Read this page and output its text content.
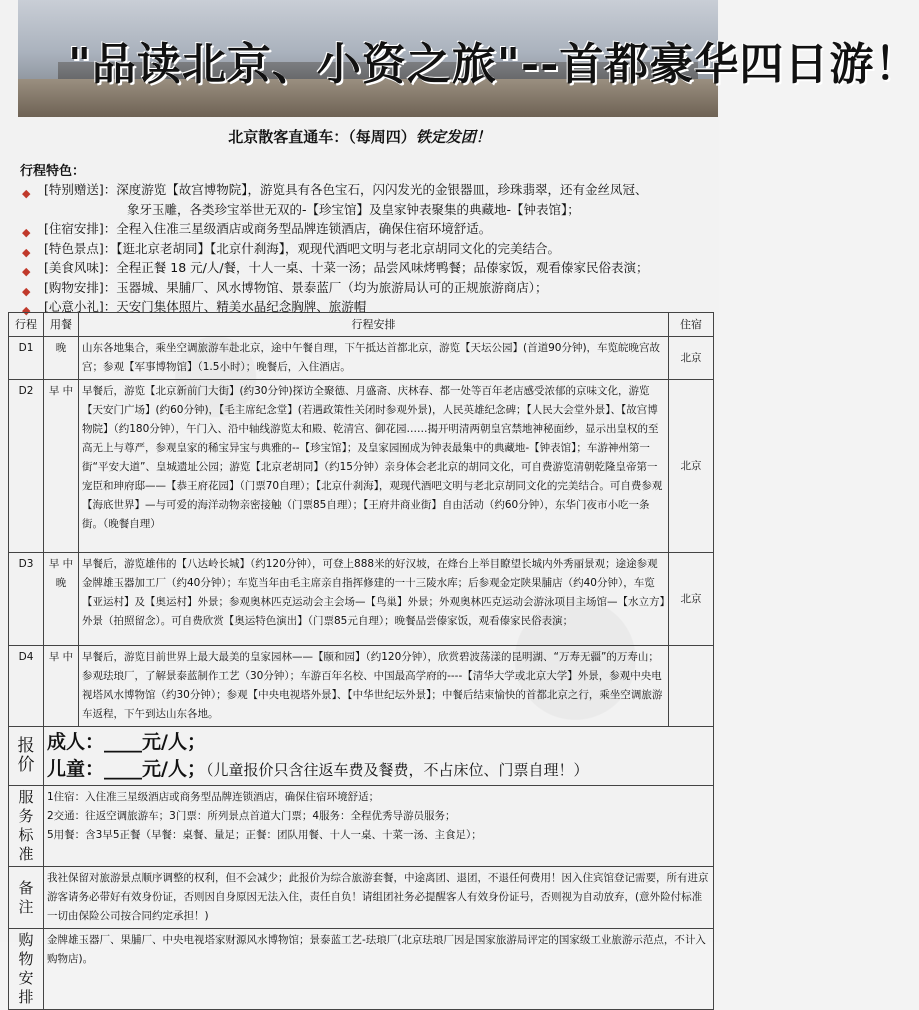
"品读北京、小资之旅"--首都豪华四日游！
北京散客直通车：（每周四）铁定发团！
行程特色：
◆ [特别赠送]：深度游览【故宫博物院】，游览具有各色宝石，闪闪发光的金银器皿，珍珠翡翠，还有金丝凤冠、
象牙玉雕，各类珍宝举世无双的-【珍宝馆】及皇家钟表聚集的典藏地-【钟表馆】；
◆ [住宿安排]：全程入住准三星级酒店或商务型品牌连锁酒店，确保住宿环境舒适。
◆ [特色景点]：【逛北京老胡同】【北京什刹海】，观现代酒吧文明与老北京胡同文化的完美结合。
◆ [美食风味]：全程正餐 18 元/人/餐，十人一桌、十菜一汤；品尝风味烤鸭餐；品傣家饭，观看傣家民俗表演；
◆ [购物安排]：玉器城、果脯厂、风水博物馆、景泰蓝厂（均为旅游局认可的正规旅游商店）；
◆ [心意小礼]：天安门集体照片、精美水晶纪念胸牌、旅游帽
行程	用餐	行程安排	住宿
D1	晚	山东各地集合，乘坐空调旅游车赴北京，途中午餐自理，下午抵达首都北京，游览【天坛公园】(首道90分钟)，车览皖晚宫故宫；参观【军事博物馆】（1.5小时）；晚餐后，入住酒店。	北京
D2	早 中	早餐后，游览【北京新前门大街】(约30分钟)探访全聚德、月盛斋、庆林春、都一处等百年老店感受浓郁的京味文化，游览【天安门广场】(约60分钟)，【毛主席纪念堂】(若遇政策性关闭时参观外景)，人民英雄纪念碑；【人民大会堂外景】、【故宫博物院】（约180分钟），午门入、沿中轴线游览太和殿、乾清宫、御花园……揭开明清两朝皇宫禁地神秘面纱，显示出皇权的至高无上与尊严，参观皇家的稀宝异宝与典雅的--【珍宝馆】；及皇家园囿成为钟表最集中的典藏地-【钟表馆】；车游神州第一街“平安大道”、皇城遗址公园；游览【北京老胡同】（约15分钟）亲身体会老北京的胡同文化，可自费游览清朝乾隆皇帝第一宠臣和珅府邸——【恭王府花园】（门票70自理）；【北京什刹海】，观现代酒吧文明与老北京胡同文化的完美结合。可自费参观【海底世界】—与可爱的海洋动物亲密接触（门票85自理）；【王府井商业街】自由活动（约60分钟），东华门夜市小吃一条街。（晚餐自理）	北京
D3	早 中 晚	早餐后，游览雄伟的【八达岭长城】（约120分钟），可登上888米的好汉坡，在烽台上举目瞭望长城内外秀丽景观；途途参观金牌雄玉器加工厂（约40分钟）；车览当年由毛主席亲自指挥修建的一十三陵水库；后参观金定陕果脯店（约40分钟），车览【亚运村】及【奥运村】外景；参观奥林匹克运动会主会场—【鸟巢】外景；外观奥林匹克运动会游泳项目主场馆—【水立方】外景（拍照留念）。可自费欣赏【奥运特色演出】（门票85元自理）；晚餐品尝傣家饭，观看傣家民俗表演；	北京
D4	早 中	早餐后，游览目前世界上最大最美的皇家园林——【颐和园】（约120分钟），欣赏碧波荡漾的昆明湖、“万寿无疆”的万寿山；参观珐琅厂，了解景泰蓝制作工艺（30分钟）；车游百年名校、中国最高学府的----【清华大学或北京大学】外景，参观中央电视塔风水博物馆（约30分钟）；参观【中央电视塔外景】、【中华世纪坛外景】；中餐后结束愉快的首都北京之行，乘坐空调旅游车返程，下午到达山东各地。	
报价	成人：____元/人；
儿童：____元/人；（儿童报价只含往返车费及餐费，不占床位、门票自理！）		

服务标准	1住宿：入住准三星级酒店或商务型品牌连锁酒店，确保住宿环境舒适；
2交通：往返空调旅游车；3门票：所列景点首道大门票；4服务：全程优秀导游员服务；
5用餐：含3早5正餐（早餐：桌餐、量足；正餐：团队用餐、十人一桌、十菜一汤、主食足）；		

备注	我社保留对旅游景点顺序调整的权利，但不会减少；此报价为综合旅游套餐，中途离团、退团，不退任何费用！因入住宾馆登记需要，所有进京游客请务必带好有效身份证，否则因自身原因无法入住，责任自负！请组团社务必提醒客人有效身份证号，否则视为自动放弃，(意外险付标准一切由保险公司按合同约定承担！)		
购物安排	金牌雄玉器厂、果脯厂、中央电视塔家财源风水博物馆；景泰蓝工艺-珐琅厂(北京珐琅厂因是国家旅游局评定的国家级工业旅游示范点，不计入购物店)。		
